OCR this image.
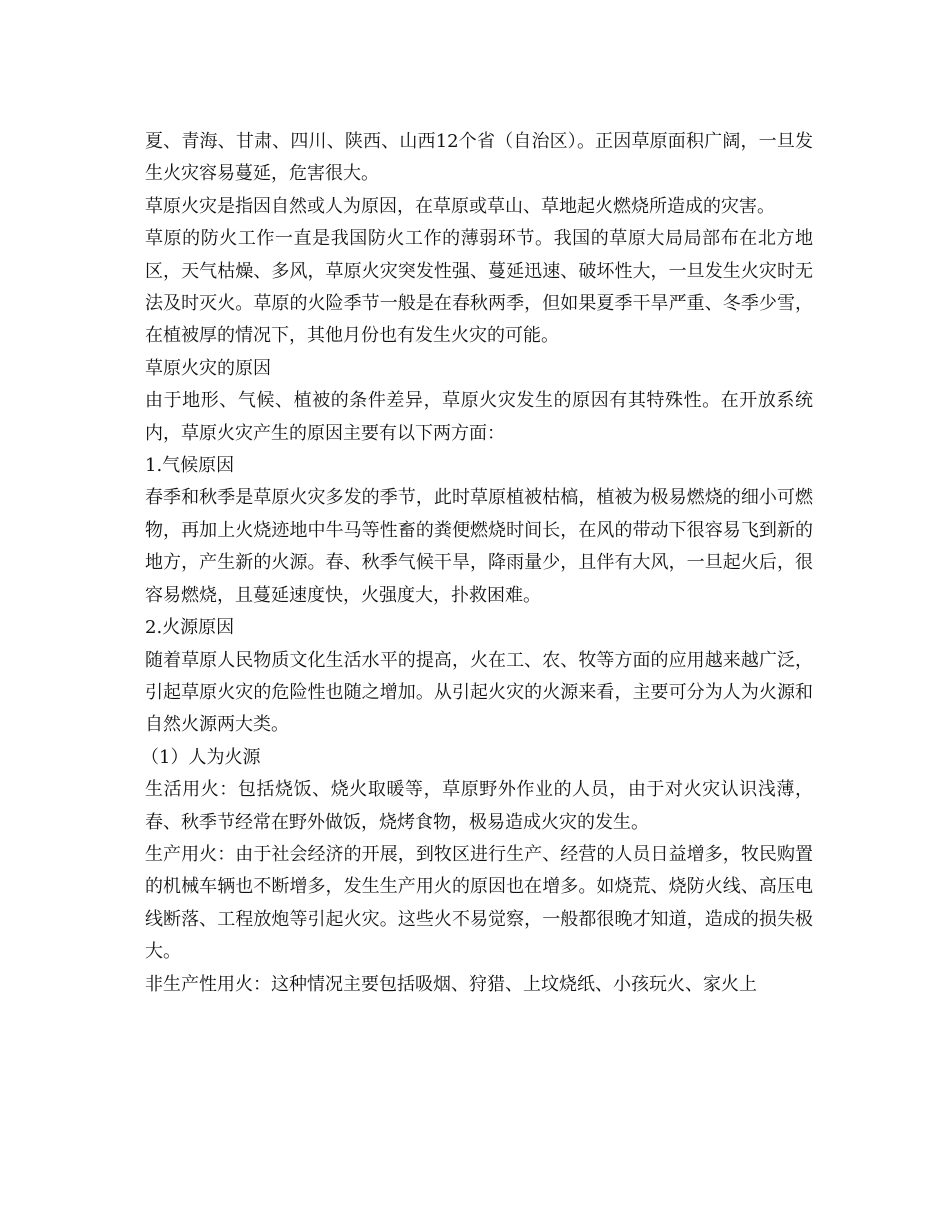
夏、青海、甘肃、四川、陕西、山西12个省（自治区）。正因草原面积广阔，一旦发生火灾容易蔓延，危害很大。

草原火灾是指因自然或人为原因，在草原或草山、草地起火燃烧所造成的灾害。

草原的防火工作一直是我国防火工作的薄弱环节。我国的草原大局局部布在北方地区，天气枯燥、多风，草原火灾突发性强、蔓延迅速、破坏性大，一旦发生火灾时无法及时灭火。草原的火险季节一般是在春秋两季，但如果夏季干旱严重、冬季少雪，在植被厚的情况下，其他月份也有发生火灾的可能。

草原火灾的原因

由于地形、气候、植被的条件差异，草原火灾发生的原因有其特殊性。在开放系统内，草原火灾产生的原因主要有以下两方面：

1.气候原因

春季和秋季是草原火灾多发的季节，此时草原植被枯槁，植被为极易燃烧的细小可燃物，再加上火烧迹地中牛马等性畜的粪便燃烧时间长，在风的带动下很容易飞到新的地方，产生新的火源。春、秋季气候干旱，降雨量少，且伴有大风，一旦起火后，很容易燃烧，且蔓延速度快，火强度大，扑救困难。

2.火源原因

随着草原人民物质文化生活水平的提高，火在工、农、牧等方面的应用越来越广泛，引起草原火灾的危险性也随之增加。从引起火灾的火源来看，主要可分为人为火源和自然火源两大类。

（1）人为火源

生活用火：包括烧饭、烧火取暖等，草原野外作业的人员，由于对火灾认识浅薄，春、秋季节经常在野外做饭，烧烤食物，极易造成火灾的发生。

生产用火：由于社会经济的开展，到牧区进行生产、经营的人员日益增多，牧民购置的机械车辆也不断增多，发生生产用火的原因也在增多。如烧荒、烧防火线、高压电线断落、工程放炮等引起火灾。这些火不易觉察，一般都很晚才知道，造成的损失极大。

非生产性用火：这种情况主要包括吸烟、狩猎、上坟烧纸、小孩玩火、家火上
